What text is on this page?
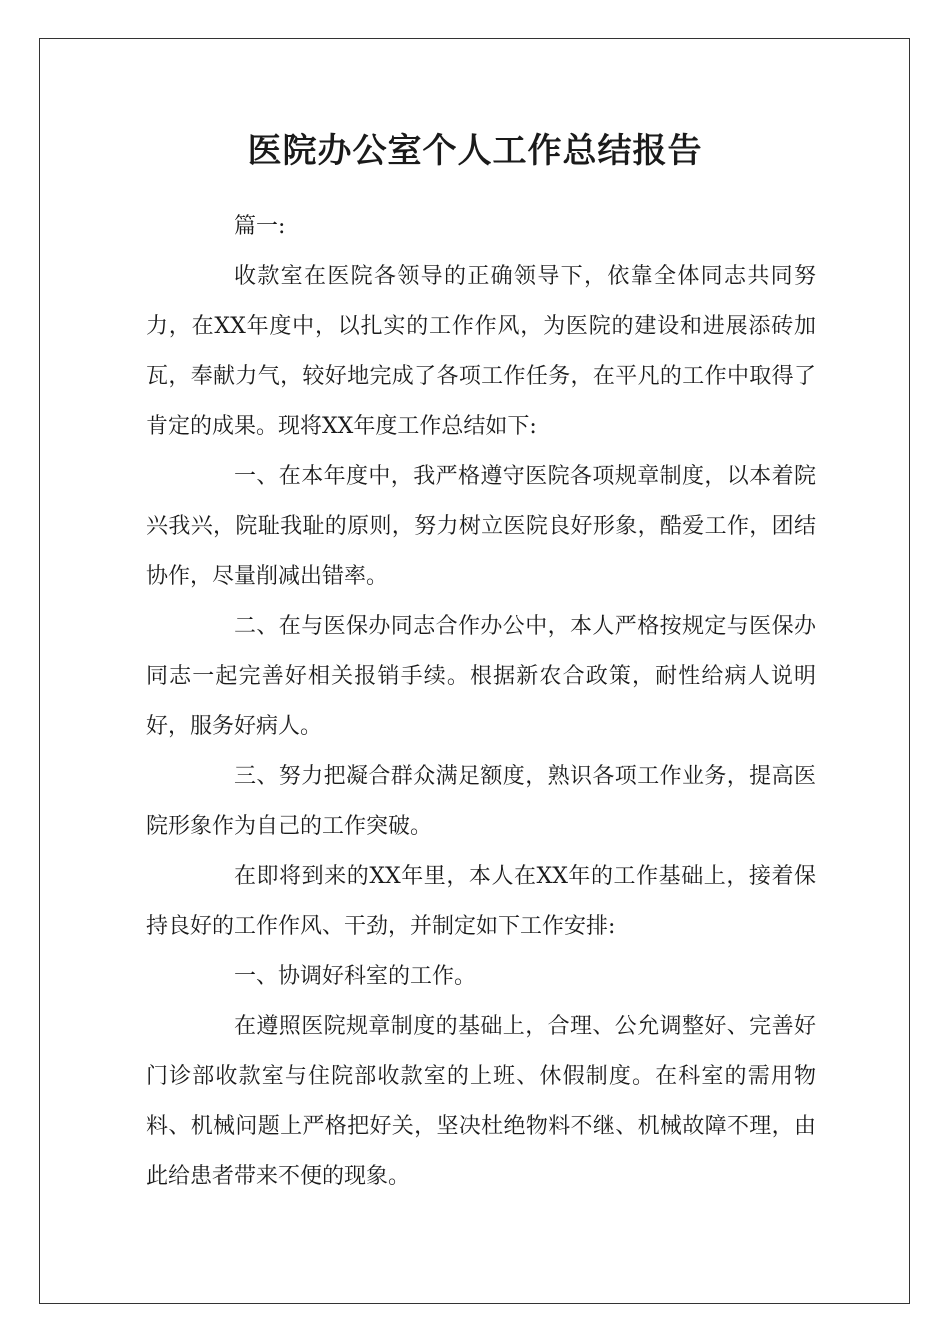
医院办公室个人工作总结报告

篇一:

收款室在医院各领导的正确领导下，依靠全体同志共同努力，在XX年度中，以扎实的工作作风，为医院的建设和进展添砖加瓦，奉献力气，较好地完成了各项工作任务，在平凡的工作中取得了肯定的成果。现将XX年度工作总结如下:

一、在本年度中，我严格遵守医院各项规章制度，以本着院兴我兴，院耻我耻的原则，努力树立医院良好形象，酷爱工作，团结协作，尽量削减出错率。

二、在与医保办同志合作办公中，本人严格按规定与医保办同志一起完善好相关报销手续。根据新农合政策，耐性给病人说明好，服务好病人。

三、努力把凝合群众满足额度，熟识各项工作业务，提高医院形象作为自己的工作突破。

在即将到来的XX年里，本人在XX年的工作基础上，接着保持良好的工作作风、干劲，并制定如下工作安排:

一、协调好科室的工作。

在遵照医院规章制度的基础上，合理、公允调整好、完善好门诊部收款室与住院部收款室的上班、休假制度。在科室的需用物料、机械问题上严格把好关，坚决杜绝物料不继、机械故障不理，由此给患者带来不便的现象。
